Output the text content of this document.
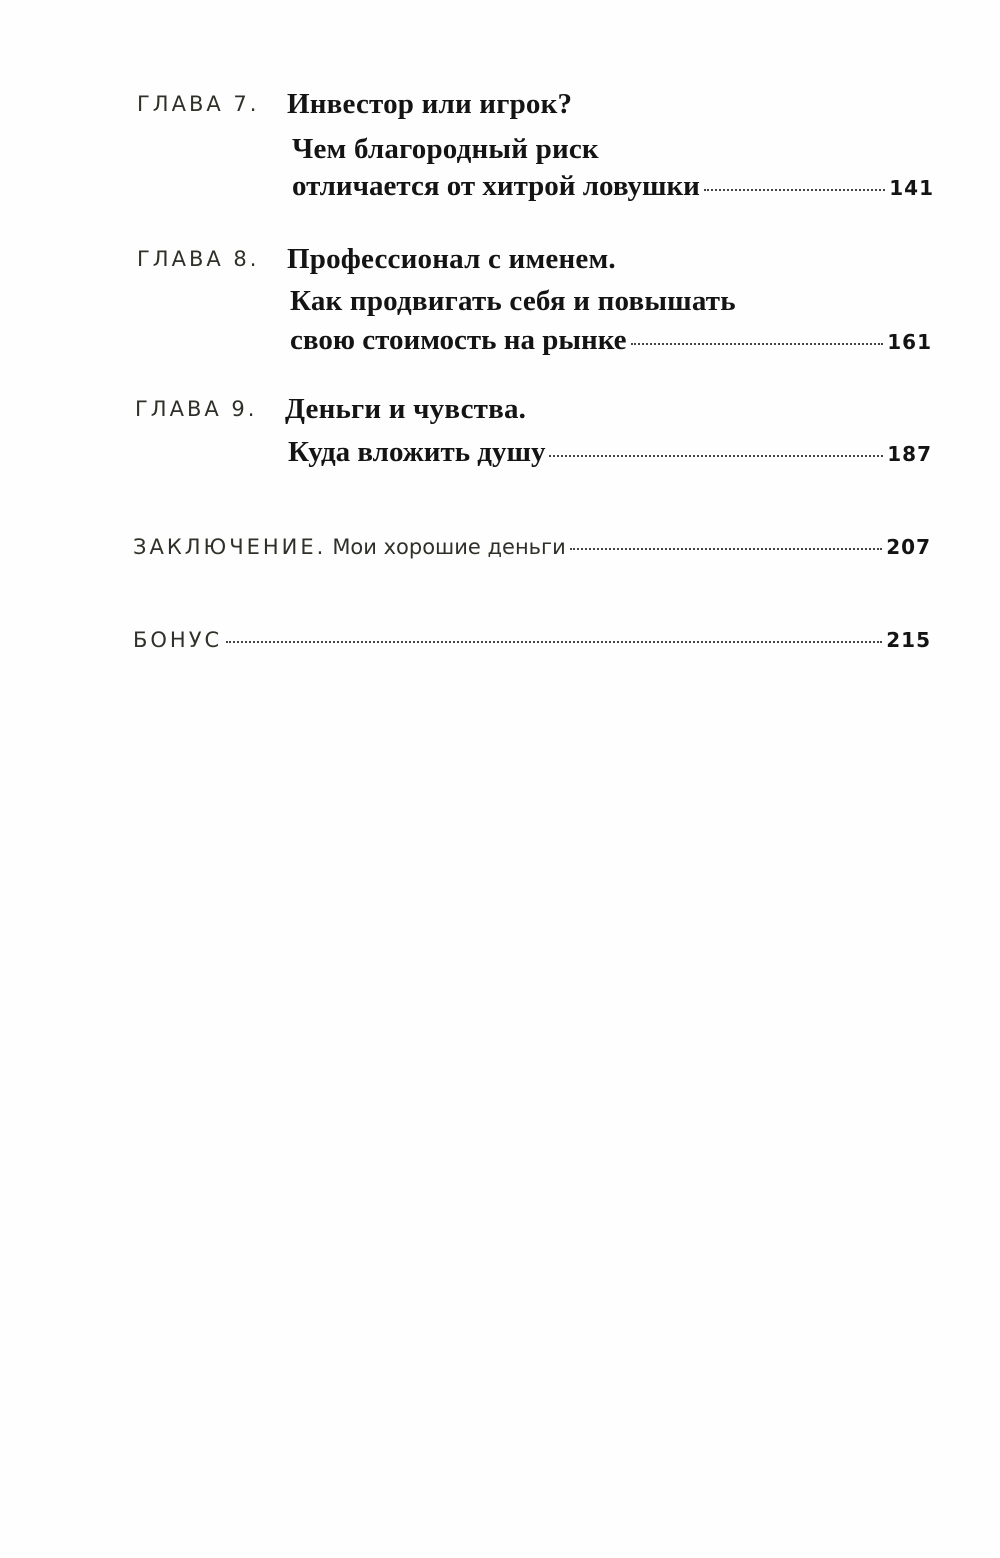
ГЛАВА 7. Инвестор или игрок?
Чем благородный риск
отличается от хитрой ловушки	141
ГЛАВА 8. Профессионал с именем.
Как продвигать себя и повышать
свою стоимость на рынке	161
ГЛАВА 9. Деньги и чувства.
Куда вложить душу	187
ЗАКЛЮЧЕНИЕ. Мои хорошие деньги	207
БОНУС	215
